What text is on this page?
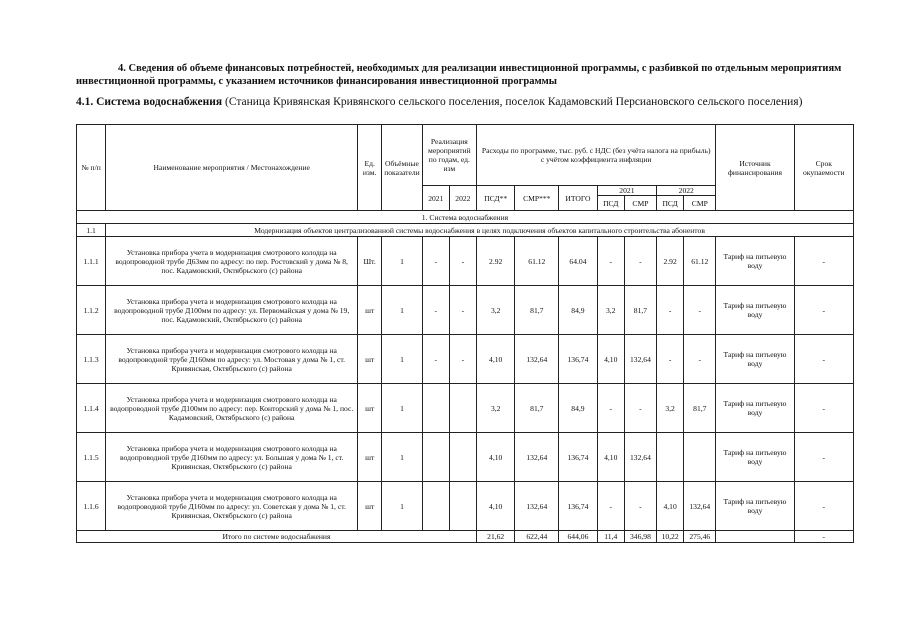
4. Сведения об объеме финансовых потребностей, необходимых для реализации инвестиционной программы, с разбивкой по отдельным мероприятиям инвестиционной программы, с указанием источников финансирования инвестиционной программы
4.1. Система водоснабжения (Станица Кривянская Кривянского сельского поселения, поселок Кадамовский Персиановского сельского поселения)
№ п/п	Наименование мероприятия / Местонахождение	Ед. изм.	Объёмные показатели	Реализация мероприятий по годам, ед. изм		Расходы по программе, тыс. руб. с НДС (без учёта налога на прибыль)
с учётом коэффициента инфляции							Источник финансирования	Срок окупаемости
				2021	2022	ПСД**	СМР***	ИТОГО	2021		2022			
									ПСД	СМР	ПСД	СМР		
1. Система водоснабжения														
1.1	Модернизация объектов централизованной системы водоснабжения в целях подключения объектов капитального строительства абонентов													
1.1.1	Установка прибора учета в модернизация смотрового колодца на водопроводной трубе Д63мм по адресу: по пер. Ростовский у дома № 8, пос. Кадамовский, Октябрьского (с) района	Шт.	1	-	-	2.92	61.12	64.04	-	-	2.92	61.12	Тариф на питьевую воду	-
1.1.2	Установка прибора учета и модернизация смотрового колодца на водопроводной трубе Д100мм по адресу: ул. Первомайская у дома № 19, пос. Кадамовский, Октябрьского (с) района	шт	1	-	-	3,2	81,7	84,9	3,2	81,7	-	-	Тариф на питьевую воду	-
1.1.3	Установка прибора учета и модернизация смотрового колодца на водопроводной трубе Д160мм по адресу: ул. Мостовая у дома № 1, ст. Кривянская, Октябрьского (с) района	шт	1	-	-	4,10	132,64	136,74	4,10	132,64	-	-	Тариф на питьевую воду	-
1.1.4	Установка прибора учета и модернизация смотрового колодца на водопроводной трубе Д100мм по адресу: пер. Конторский у дома № 1, пос. Кадамовский, Октябрьского (с) района	шт	1			3,2	81,7	84,9	-	-	3,2	81,7	Тариф на питьевую воду	-
1.1.5	Установка прибора учета и модернизация смотрового колодца на водопроводной трубе Д160мм по адресу: ул. Большая у дома № 1, ст. Кривянская, Октябрьского (с) района	шт	1			4,10	132,64	136,74	4,10	132,64			Тариф на питьевую воду	-
1.1.6	Установка прибора учета и модернизация смотрового колодца на водопроводной трубе Д160мм по адресу: ул. Советская у дома № 1, ст. Кривянская, Октябрьского (с) района	шт	1			4,10	132,64	136,74	-	-	4,10	132,64	Тариф на питьевую воду	-
Итого по системе водоснабжения						21,62	622,44	644,06	11,4	346,98	10,22	275,46		-
